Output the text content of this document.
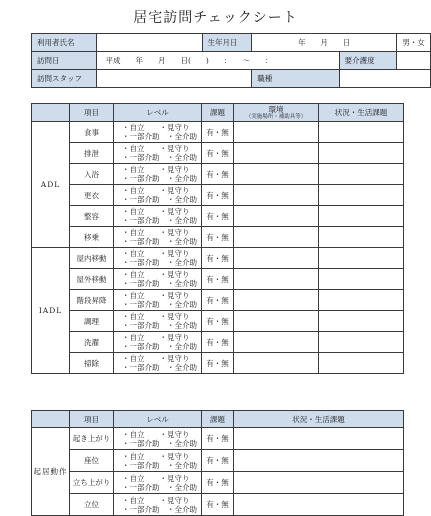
居宅訪問チェックシート
利用者氏名		生年月日	年　　月　　日		男・女
訪問日	平成　　年　　月　　日(　　)　　：　　～　　：			要介護度	
訪問スタッフ			職種		
	項目	レベル	課題	環境
（実施場所・補助具等）	状況・生活課題
ADL	食事	・自立　　・見守り
・一部介助　・全介助	有・無		
	排泄	・自立　　・見守り
・一部介助　・全介助	有・無		
	入浴	・自立　　・見守り
・一部介助　・全介助	有・無		
	更衣	・自立　　・見守り
・一部介助　・全介助	有・無		
	整容	・自立　　・見守り
・一部介助　・全介助	有・無		
	移乗	・自立　　・見守り
・一部介助　・全介助	有・無		
IADL	屋内移動	・自立　　・見守り
・一部介助　・全介助	有・無		
	屋外移動	・自立　　・見守り
・一部介助　・全介助	有・無		
	階段昇降	・自立　　・見守り
・一部介助　・全介助	有・無		
	調理	・自立　　・見守り
・一部介助　・全介助	有・無		
	洗濯	・自立　　・見守り
・一部介助　・全介助	有・無		
	掃除	・自立　　・見守り
・一部介助　・全介助	有・無		
	項目	レベル	課題	状況・生活課題
起居動作	起き上がり	・自立　　・見守り
・一部介助　・全介助	有・無	
	座位	・自立　　・見守り
・一部介助　・全介助	有・無	
	立ち上がり	・自立　　・見守り
・一部介助　・全介助	有・無	
	立位	・自立　　・見守り
・一部介助　・全介助	有・無	
